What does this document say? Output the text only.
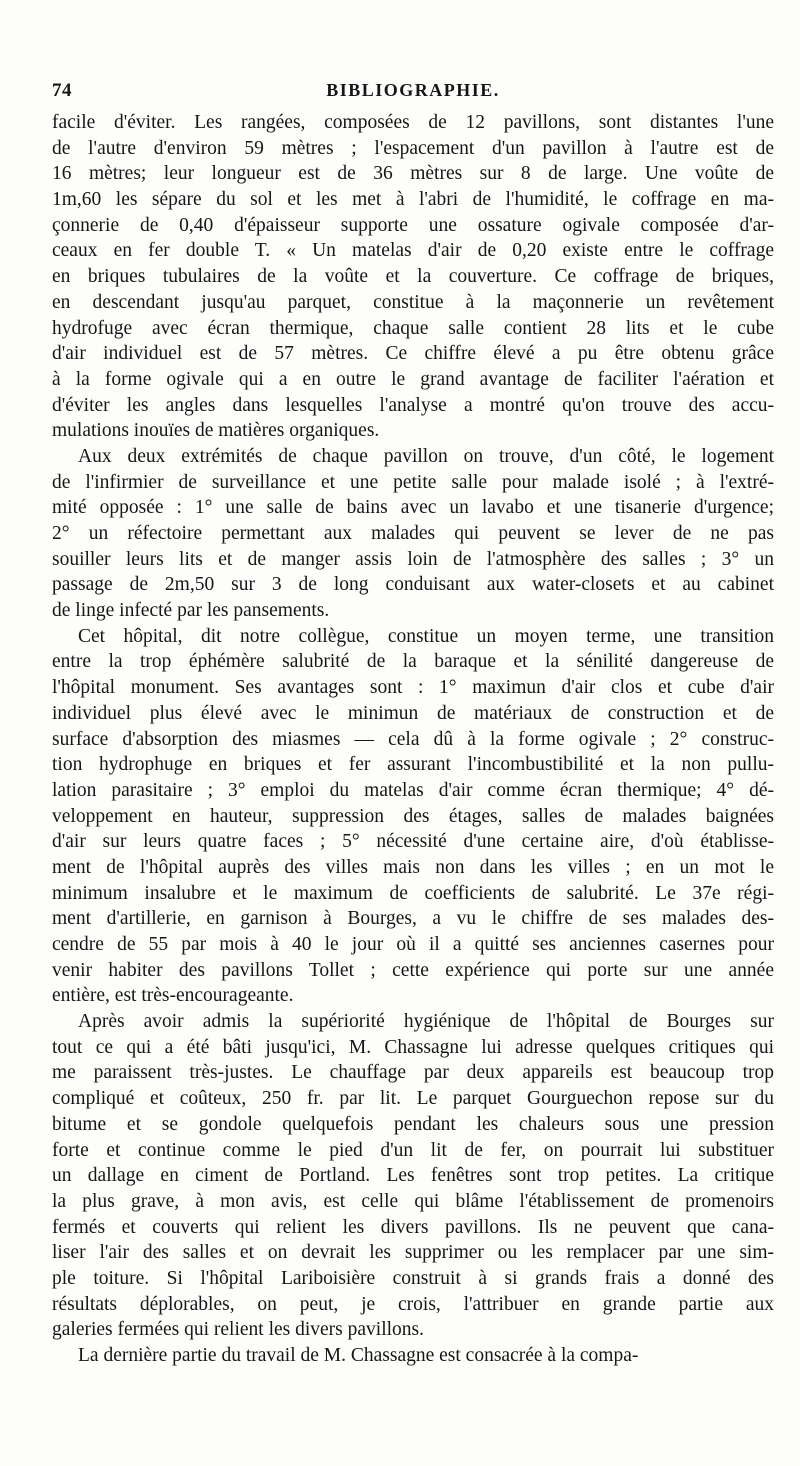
74	BIBLIOGRAPHIE.
facile d'éviter. Les rangées, composées de 12 pavillons, sont distantes l'une
de l'autre d'environ 59 mètres ; l'espacement d'un pavillon à l'autre est de
16 mètres; leur longueur est de 36 mètres sur 8 de large. Une voûte de
1m,60 les sépare du sol et les met à l'abri de l'humidité, le coffrage en ma-
çonnerie de 0,40 d'épaisseur supporte une ossature ogivale composée d'ar-
ceaux en fer double T. « Un matelas d'air de 0,20 existe entre le coffrage
en briques tubulaires de la voûte et la couverture. Ce coffrage de briques,
en descendant jusqu'au parquet, constitue à la maçonnerie un revêtement
hydrofuge avec écran thermique, chaque salle contient 28 lits et le cube
d'air individuel est de 57 mètres. Ce chiffre élevé a pu être obtenu grâce
à la forme ogivale qui a en outre le grand avantage de faciliter l'aération et
d'éviter les angles dans lesquelles l'analyse a montré qu'on trouve des accu-
mulations inouïes de matières organiques.
Aux deux extrémités de chaque pavillon on trouve, d'un côté, le logement
de l'infirmier de surveillance et une petite salle pour malade isolé ; à l'extré-
mité opposée : 1° une salle de bains avec un lavabo et une tisanerie d'urgence;
2° un réfectoire permettant aux malades qui peuvent se lever de ne pas
souiller leurs lits et de manger assis loin de l'atmosphère des salles ; 3° un
passage de 2m,50 sur 3 de long conduisant aux water-closets et au cabinet
de linge infecté par les pansements.
Cet hôpital, dit notre collègue, constitue un moyen terme, une transition
entre la trop éphémère salubrité de la baraque et la sénilité dangereuse de
l'hôpital monument. Ses avantages sont : 1° maximun d'air clos et cube d'air
individuel plus élevé avec le minimun de matériaux de construction et de
surface d'absorption des miasmes — cela dû à la forme ogivale ; 2° construc-
tion hydrophuge en briques et fer assurant l'incombustibilité et la non pullu-
lation parasitaire ; 3° emploi du matelas d'air comme écran thermique; 4° dé-
veloppement en hauteur, suppression des étages, salles de malades baignées
d'air sur leurs quatre faces ; 5° nécessité d'une certaine aire, d'où établisse-
ment de l'hôpital auprès des villes mais non dans les villes ; en un mot le
minimum insalubre et le maximum de coefficients de salubrité. Le 37e régi-
ment d'artillerie, en garnison à Bourges, a vu le chiffre de ses malades des-
cendre de 55 par mois à 40 le jour où il a quitté ses anciennes casernes pour
venir habiter des pavillons Tollet ; cette expérience qui porte sur une année
entière, est très-encourageante.
Après avoir admis la supériorité hygiénique de l'hôpital de Bourges sur
tout ce qui a été bâti jusqu'ici, M. Chassagne lui adresse quelques critiques qui
me paraissent très-justes. Le chauffage par deux appareils est beaucoup trop
compliqué et coûteux, 250 fr. par lit. Le parquet Gourguechon repose sur du
bitume et se gondole quelquefois pendant les chaleurs sous une pression
forte et continue comme le pied d'un lit de fer, on pourrait lui substituer
un dallage en ciment de Portland. Les fenêtres sont trop petites. La critique
la plus grave, à mon avis, est celle qui blâme l'établissement de promenoirs
fermés et couverts qui relient les divers pavillons. Ils ne peuvent que cana-
liser l'air des salles et on devrait les supprimer ou les remplacer par une sim-
ple toiture. Si l'hôpital Lariboisière construit à si grands frais a donné des
résultats déplorables, on peut, je crois, l'attribuer en grande partie aux
galeries fermées qui relient les divers pavillons.
La dernière partie du travail de M. Chassagne est consacrée à la compa-
